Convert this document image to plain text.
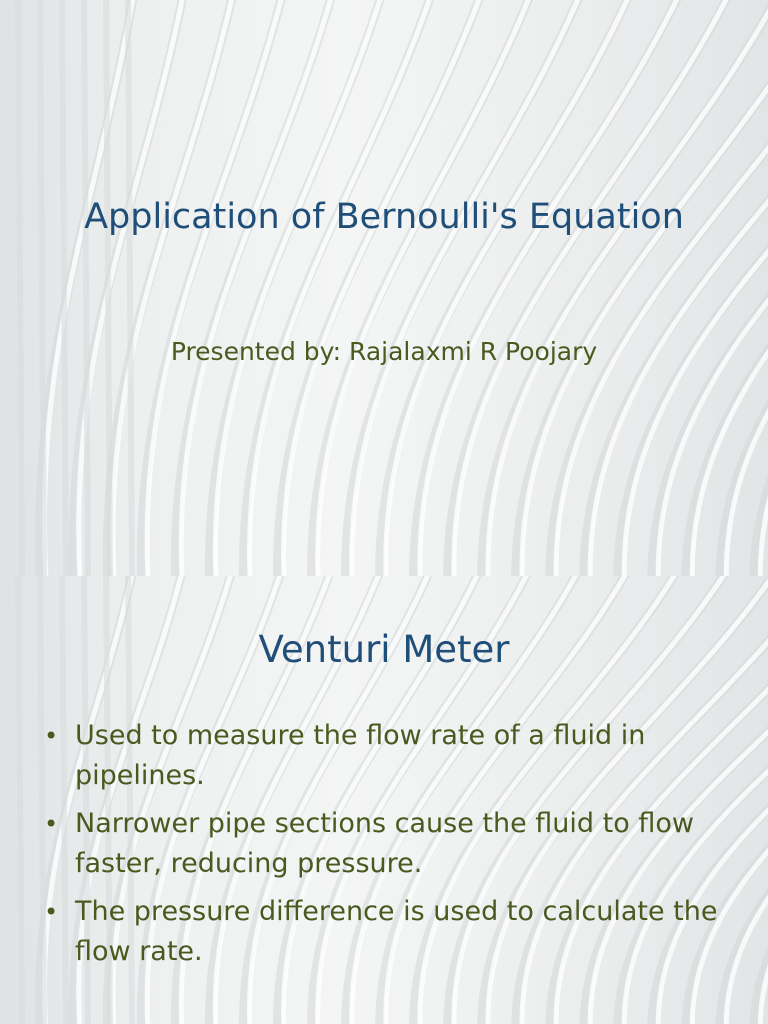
Application of Bernoulli's Equation
Presented by: Rajalaxmi R Poojary
Venturi Meter
• Used to measure the flow rate of a fluid in pipelines.
• Narrower pipe sections cause the fluid to flow faster, reducing pressure.
• The pressure difference is used to calculate the flow rate.
